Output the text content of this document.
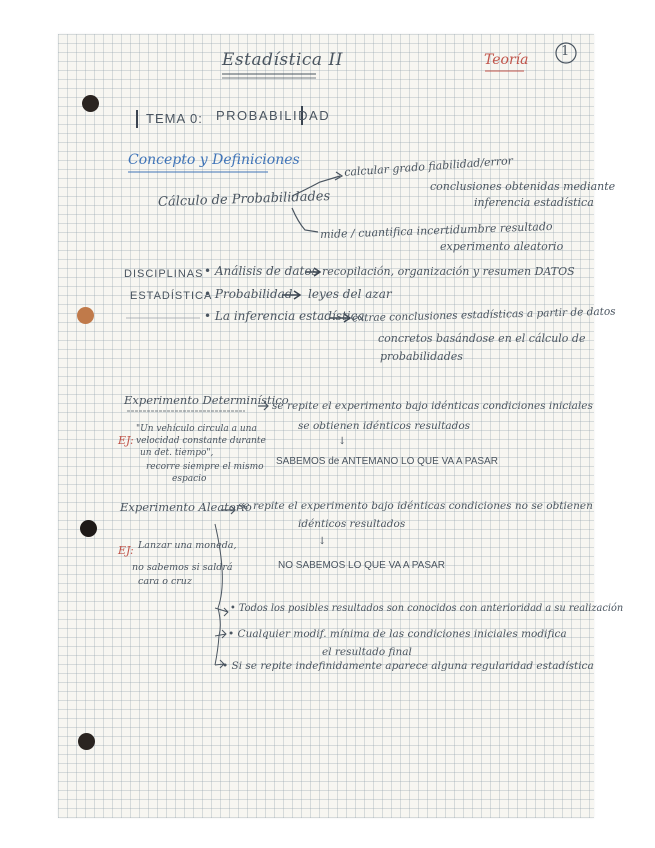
Estadística II	Teoría
1
TEMA 0: PROBABILIDAD
Concepto y Definiciones
Cálculo de Probabilidades
calcular grado fiabilidad/error
conclusiones obtenidas mediante
inferencia estadística
mide / cuantifica incertidumbre resultado
experimento aleatorio
DISCIPLINAS
ESTADÍSTICA
• Análisis de datos recopilación, organización y resumen DATOS
• Probabilidad leyes del azar
• La inferencia estadística
extrae conclusiones estadísticas a partir de datos
concretos basándose en el cálculo de
probabilidades
Experimento Determinístico
se repite el experimento bajo idénticas condiciones iniciales
se obtienen idénticos resultados
↓
SABEMOS de ANTEMANO LO QUE VA A PASAR
EJ:
"Un vehículo circula a una
velocidad constante durante
un det. tiempo",
recorre siempre el mismo
espacio
Experimento Aleatorio
se repite el experimento bajo idénticas condiciones no se obtienen
idénticos resultados
↓
NO SABEMOS LO QUE VA A PASAR
EJ: Lanzar una moneda,
no sabemos si saldrá
cara o cruz
• Todos los posibles resultados son conocidos con anterioridad a su realización
• Cualquier modif. mínima de las condiciones iniciales modifica
el resultado final
• Si se repite indefinidamente aparece alguna regularidad estadística
